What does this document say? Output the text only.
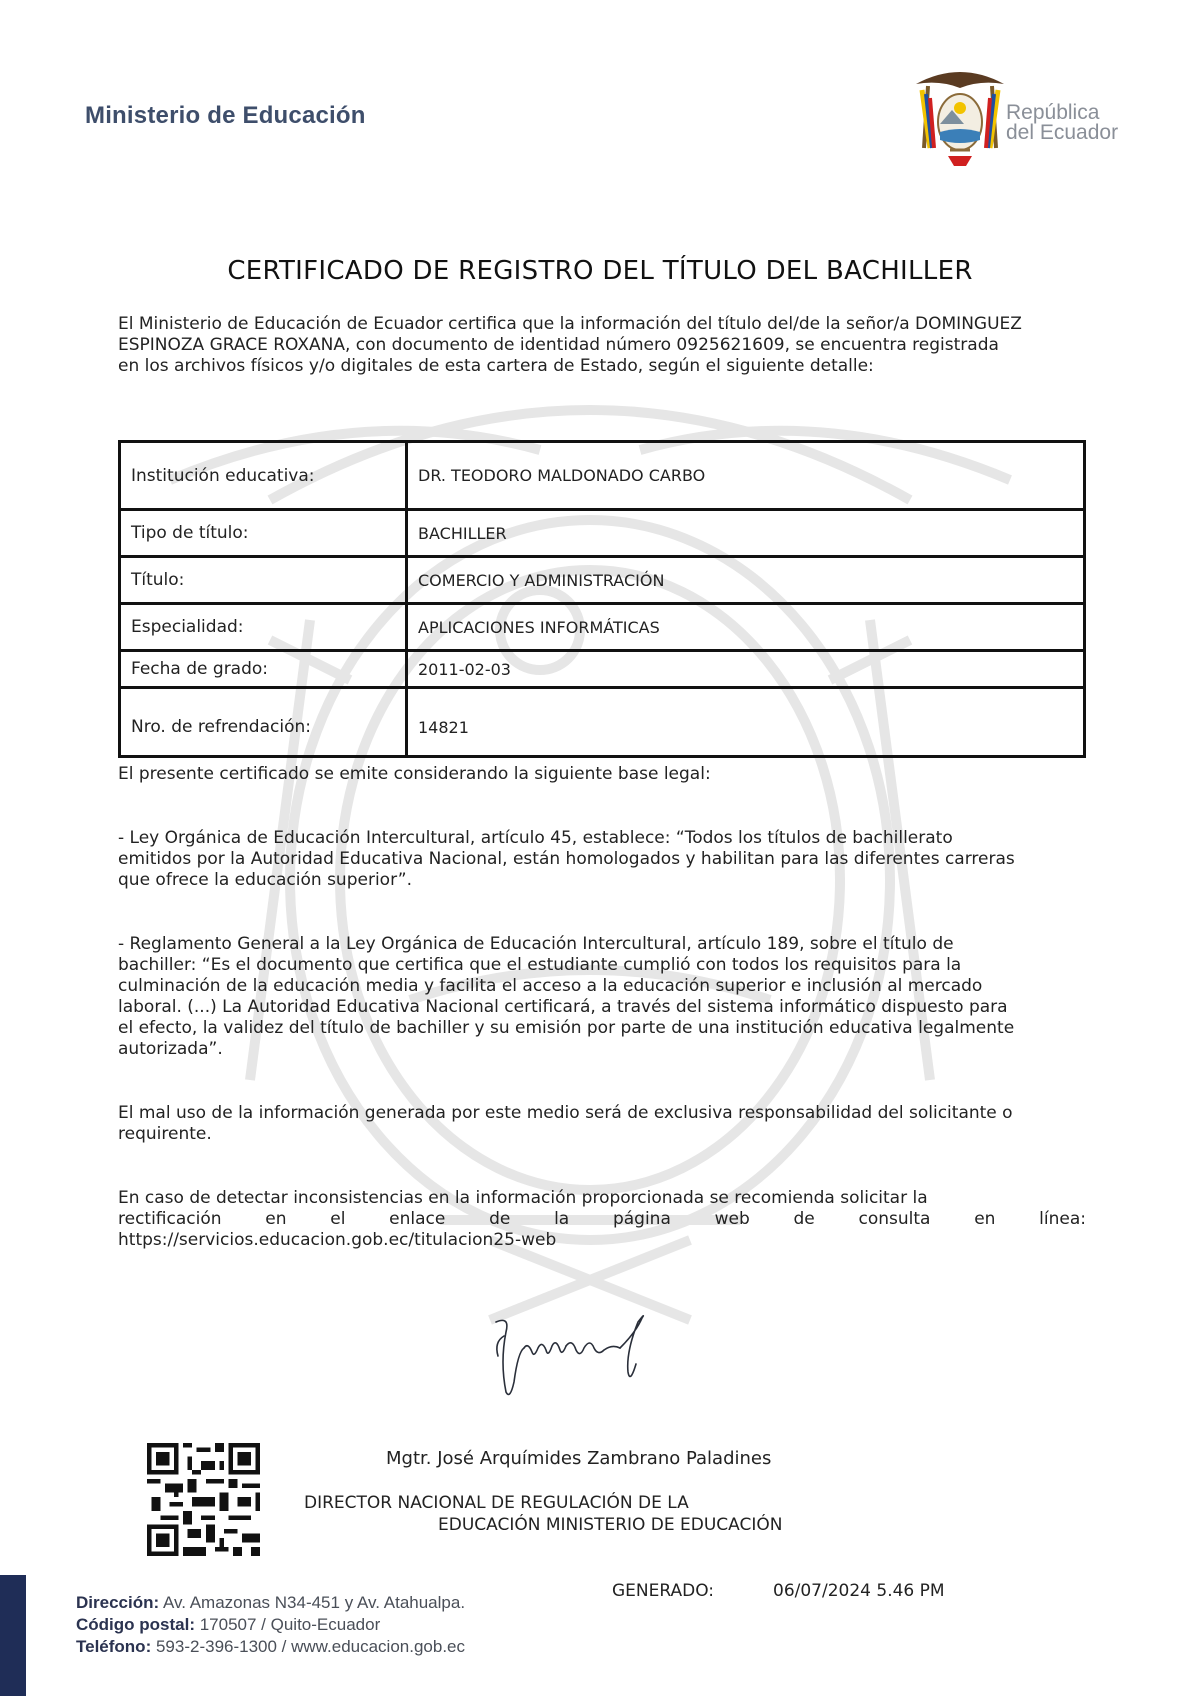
Ministerio de Educación	República
del Ecuador
CERTIFICADO DE REGISTRO DEL TÍTULO DEL BACHILLER
El Ministerio de Educación de Ecuador certifica que la información del título del/de la señor/a DOMINGUEZ
ESPINOZA GRACE ROXANA, con documento de identidad número 0925621609, se encuentra registrada
en los archivos físicos y/o digitales de esta cartera de Estado, según el siguiente detalle:
Institución educativa:	DR. TEODORO MALDONADO CARBO
Tipo de título:	BACHILLER
Título:	COMERCIO Y ADMINISTRACIÓN
Especialidad:	APLICACIONES INFORMÁTICAS
Fecha de grado:	2011-02-03
Nro. de refrendación:	14821
El presente certificado se emite considerando la siguiente base legal:
- Ley Orgánica de Educación Intercultural, artículo 45, establece: “Todos los títulos de bachillerato
emitidos por la Autoridad Educativa Nacional, están homologados y habilitan para las diferentes carreras
que ofrece la educación superior”.
- Reglamento General a la Ley Orgánica de Educación Intercultural, artículo 189, sobre el título de
bachiller: “Es el documento que certifica que el estudiante cumplió con todos los requisitos para la
culminación de la educación media y facilita el acceso a la educación superior e inclusión al mercado
laboral. (...) La Autoridad Educativa Nacional certificará, a través del sistema informático dispuesto para
el efecto, la validez del título de bachiller y su emisión por parte de una institución educativa legalmente
autorizada”.
El mal uso de la información generada por este medio será de exclusiva responsabilidad del solicitante o
requirente.
En caso de detectar inconsistencias en la información proporcionada se recomienda solicitar la
rectificación en el enlace de la página web de consulta en línea:
https://servicios.educacion.gob.ec/titulacion25-web
Mgtr. José Arquímides Zambrano Paladines
DIRECTOR NACIONAL DE REGULACIÓN DE LA
EDUCACIÓN MINISTERIO DE EDUCACIÓN
GENERADO:	06/07/2024 5.46 PM
Dirección: Av. Amazonas N34-451 y Av. Atahualpa.
Código postal: 170507 / Quito-Ecuador
Teléfono: 593-2-396-1300 / www.educacion.gob.ec
